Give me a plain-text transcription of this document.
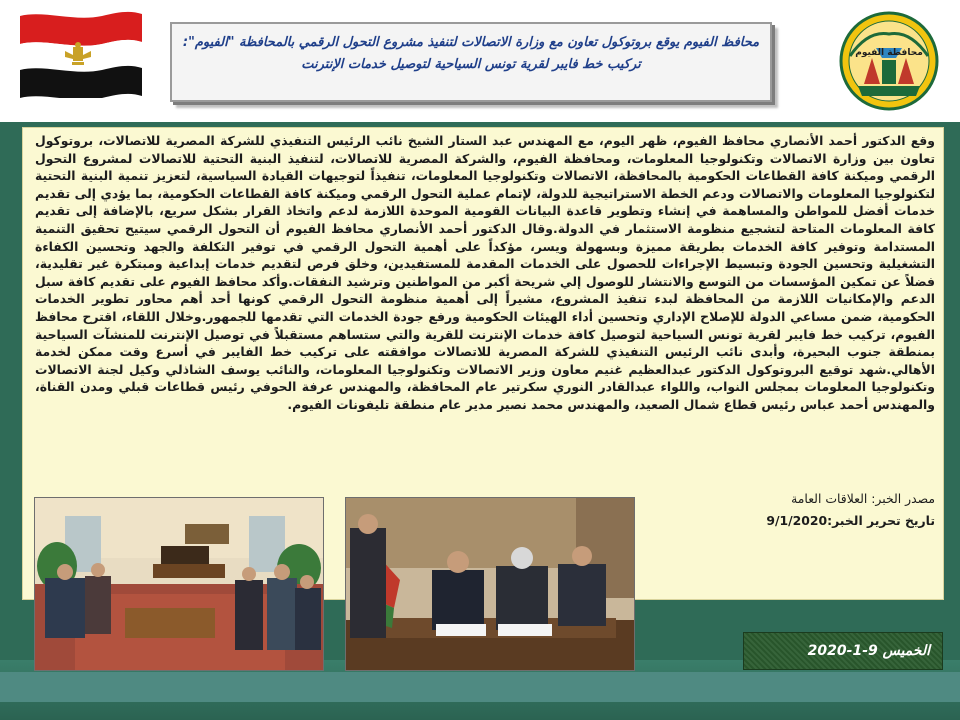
محافظ الفيوم يوقع بروتوكول تعاون مع وزارة الاتصالات لتنفيذ مشروع التحول الرقمي بالمحافظة "الفيوم": تركيب خط فايبر لقرية تونس السياحية لتوصيل خدمات الإنترنت
محافظة الفيوم
وقع الدكتور أحمد الأنصاري محافظ الفيوم، ظهر اليوم، مع المهندس عبد الستار الشيخ نائب الرئيس التنفيذي للشركة المصرية للاتصالات، بروتوكول تعاون بين وزارة الاتصالات وتكنولوجيا المعلومات، ومحافظة الفيوم، والشركة المصرية للاتصالات، لتنفيذ البنية التحتية للاتصالات لمشروع التحول الرقمي وميكنة كافة القطاعات الحكومية بالمحافظة، الاتصالات وتكنولوجيا المعلومات، تنفيذاً لتوجيهات القيادة السياسية، لتعزيز تنمية البنية التحتية لتكنولوجيا المعلومات والاتصالات ودعم الخطة الاستراتيجية للدولة، لإتمام عملية التحول الرقمي وميكنة كافة القطاعات الحكومية، بما يؤدي إلى تقديم خدمات أفضل للمواطن والمساهمة في إنشاء وتطوير قاعدة البيانات القومية الموحدة اللازمة لدعم واتخاذ القرار بشكل سريع، بالإضافة إلى تقديم كافة المعلومات المتاحة لتشجيع منظومة الاستثمار في الدولة.وقال الدكتور أحمد الأنصاري محافظ الفيوم أن التحول الرقمي سيتيح تحقيق التنمية المستدامة وتوفير كافة الخدمات بطريقة مميزة وبسهولة ويسر، مؤكداً على أهمية التحول الرقمي في توفير التكلفة والجهد وتحسين الكفاءة التشغيلية وتحسين الجودة وتبسيط الإجراءات للحصول على الخدمات المقدمة للمستفيدين، وخلق فرص لتقديم خدمات إبداعية ومبتكرة غير تقليدية، فضلاً عن تمكين المؤسسات من التوسع والانتشار للوصول إلي شريحة أكبر من المواطنين وترشيد النفقات.وأكد محافظ الفيوم على تقديم كافة سبل الدعم والإمكانيات اللازمة من المحافظة لبدء تنفيذ المشروع، مشيراً إلى أهمية منظومة التحول الرقمي كونها أحد أهم محاور تطوير الخدمات الحكومية، ضمن مساعي الدولة للإصلاح الإداري وتحسين أداء الهيئات الحكومية ورفع جودة الخدمات التي تقدمها للجمهور.وخلال اللقاء، اقترح محافظ الفيوم، تركيب خط فايبر لقرية تونس السياحية لتوصيل كافة خدمات الإنترنت للقرية والتي ستساهم مستقبلاً في توصيل الإنترنت للمنشآت السياحية بمنطقة جنوب البحيرة، وأبدى نائب الرئيس التنفيذي للشركة المصرية للاتصالات موافقته على تركيب خط الفايبر في أسرع وقت ممكن لخدمة الأهالي.شهد توقيع البروتوكول الدكتور عبدالعظيم غنيم معاون وزير الاتصالات وتكنولوجيا المعلومات، والنائب يوسف الشاذلي وكيل لجنة الاتصالات وتكنولوجيا المعلومات بمجلس النواب، واللواء عبدالقادر النوري سكرتير عام المحافظة، والمهندس عرفة الحوفي رئيس قطاعات قبلي ومدن القناة، والمهندس أحمد عباس رئيس قطاع شمال الصعيد، والمهندس محمد نصير مدير عام منطقة تليفونات الفيوم.
مصدر الخبر: العلاقات العامة
تاريخ تحرير الخبر:9/1/2020
الخميس 9-1-2020
